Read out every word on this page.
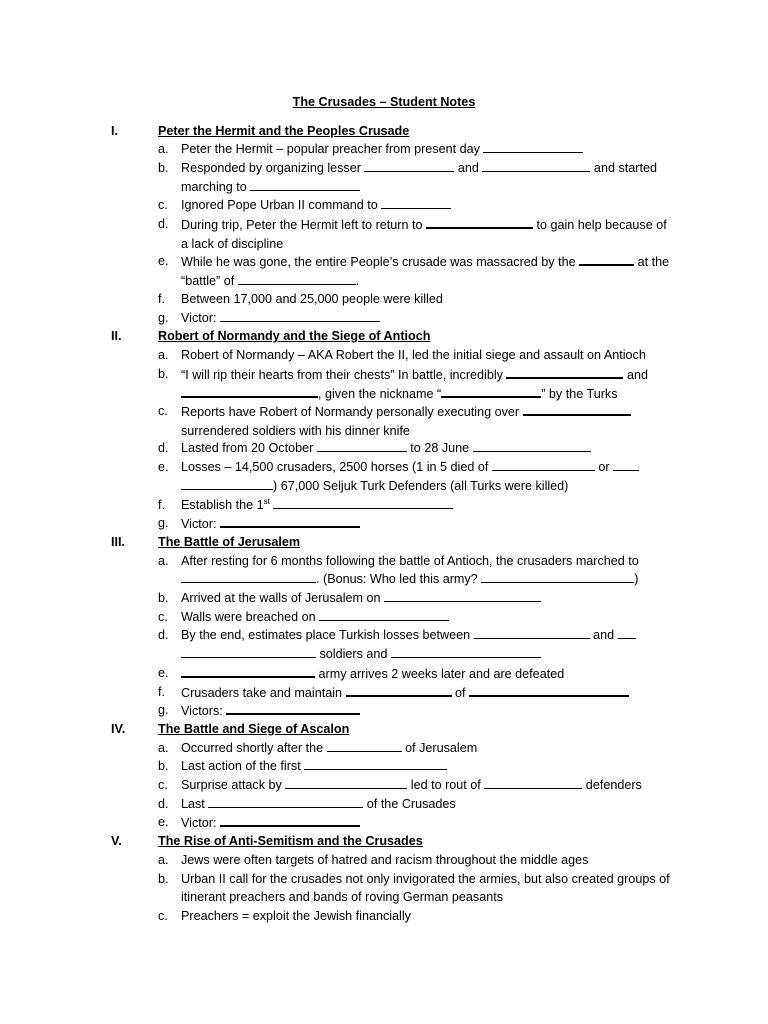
The Crusades – Student Notes
I.	Peter the Hermit and the Peoples Crusade
a. Peter the Hermit – popular preacher from present day
b. Responded by organizing lesser	and	and started
marching to
c. Ignored Pope Urban II command to
d. During trip, Peter the Hermit left to return to	to gain help because of
a lack of discipline
e. While he was gone, the entire People’s crusade was massacred by the	at the
“battle” of	.
f. Between 17,000 and 25,000 people were killed
g. Victor:
II.	Robert of Normandy and the Siege of Antioch
a. Robert of Normandy – AKA Robert the II, led the initial siege and assault on Antioch
b. “I will rip their hearts from their chests” In battle, incredibly	and
, given the nickname “	” by the Turks
c. Reports have Robert of Normandy personally executing over
surrendered soldiers with his dinner knife
d. Lasted from 20 October	to 28 June
e. Losses – 14,500 crusaders, 2500 horses (1 in 5 died of	or
) 67,000 Seljuk Turk Defenders (all Turks were killed)
f. Establish the 1st
g. Victor:
III.	The Battle of Jerusalem
a. After resting for 6 months following the battle of Antioch, the crusaders marched to
. (Bonus: Who led this army?	)
b. Arrived at the walls of Jerusalem on
c. Walls were breached on
d. By the end, estimates place Turkish losses between	and
soldiers and
e.	army arrives 2 weeks later and are defeated
f. Crusaders take and maintain	of
g. Victors:
IV.	The Battle and Siege of Ascalon
a. Occurred shortly after the	of Jerusalem
b. Last action of the first
c. Surprise attack by	led to rout of	defenders
d. Last	of the Crusades
e. Victor:
V.	The Rise of Anti-Semitism and the Crusades
a. Jews were often targets of hatred and racism throughout the middle ages
b. Urban II call for the crusades not only invigorated the armies, but also created groups of
itinerant preachers and bands of roving German peasants
c. Preachers = exploit the Jewish financially
